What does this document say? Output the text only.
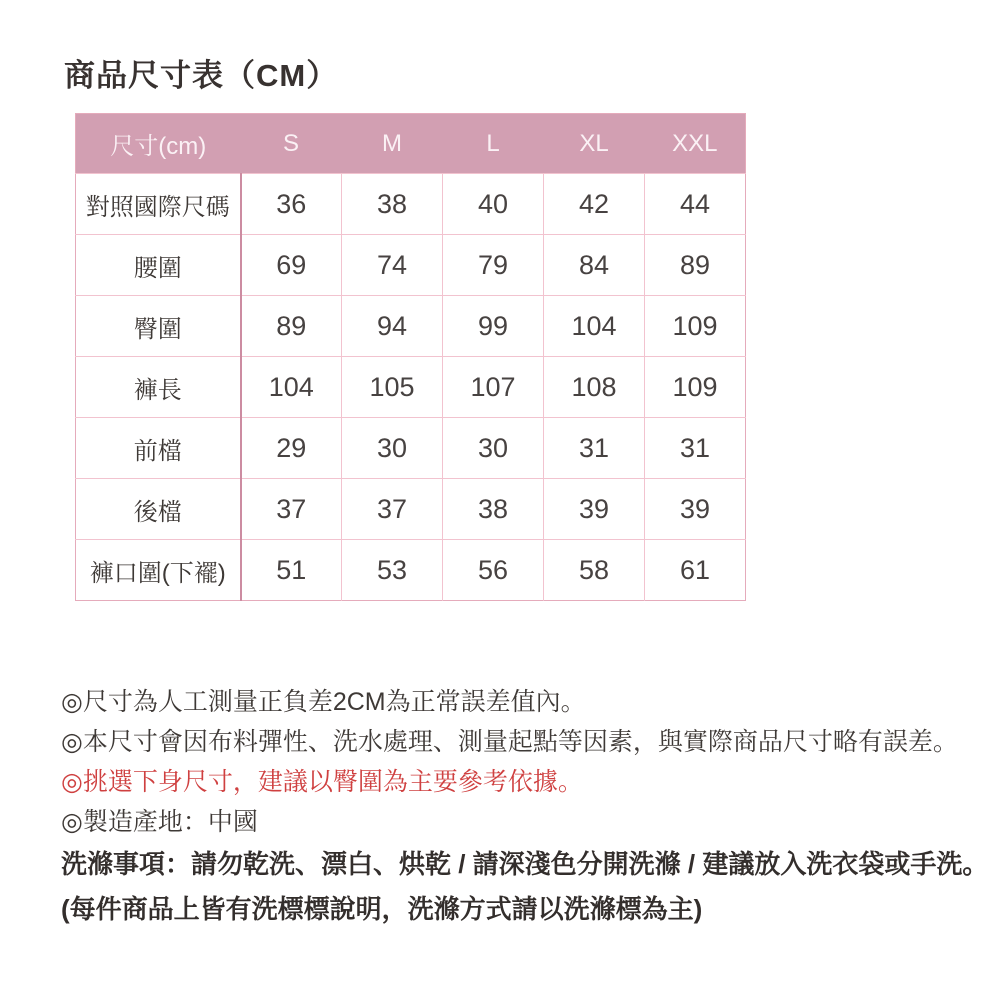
商品尺寸表（CM）
尺寸(cm)	S	M	L	XL	XXL
對照國際尺碼	36	38	40	42	44
腰圍	69	74	79	84	89
臀圍	89	94	99	104	109
褲長	104	105	107	108	109
前檔	29	30	30	31	31
後檔	37	37	38	39	39
褲口圍(下襬)	51	53	56	58	61
◎尺寸為人工測量正負差2CM為正常誤差值內。
◎本尺寸會因布料彈性、洗水處理、測量起點等因素，與實際商品尺寸略有誤差。
◎挑選下身尺寸，建議以臀圍為主要參考依據。
◎製造產地：中國
洗滌事項：請勿乾洗、漂白、烘乾 / 請深淺色分開洗滌 / 建議放入洗衣袋或手洗。
(每件商品上皆有洗標標說明，洗滌方式請以洗滌標為主)
